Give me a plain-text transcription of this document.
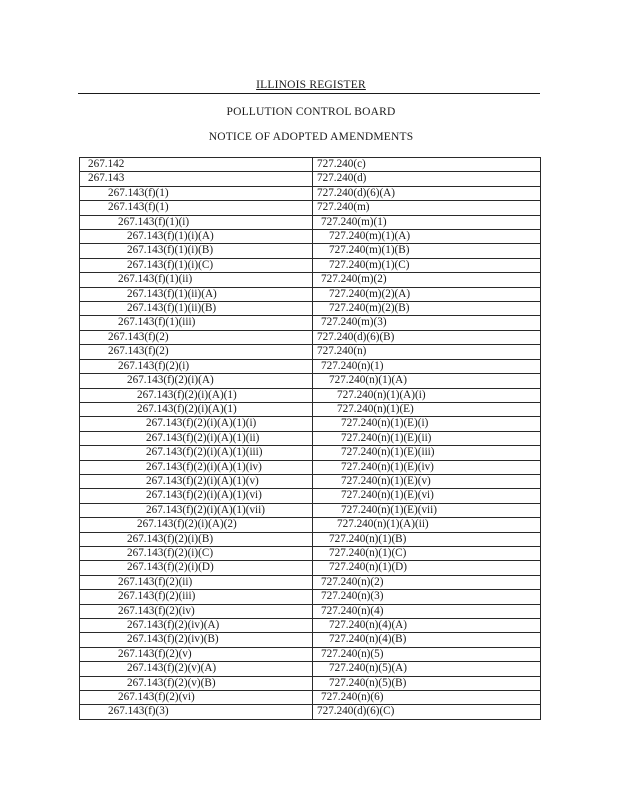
ILLINOIS REGISTER
POLLUTION CONTROL BOARD
NOTICE OF ADOPTED AMENDMENTS
267.142	727.240(c)
267.143	727.240(d)
267.143(f)(1)	727.240(d)(6)(A)
267.143(f)(1)	727.240(m)
267.143(f)(1)(i)	727.240(m)(1)
267.143(f)(1)(i)(A)	727.240(m)(1)(A)
267.143(f)(1)(i)(B)	727.240(m)(1)(B)
267.143(f)(1)(i)(C)	727.240(m)(1)(C)
267.143(f)(1)(ii)	727.240(m)(2)
267.143(f)(1)(ii)(A)	727.240(m)(2)(A)
267.143(f)(1)(ii)(B)	727.240(m)(2)(B)
267.143(f)(1)(iii)	727.240(m)(3)
267.143(f)(2)	727.240(d)(6)(B)
267.143(f)(2)	727.240(n)
267.143(f)(2)(i)	727.240(n)(1)
267.143(f)(2)(i)(A)	727.240(n)(1)(A)
267.143(f)(2)(i)(A)(1)	727.240(n)(1)(A)(i)
267.143(f)(2)(i)(A)(1)	727.240(n)(1)(E)
267.143(f)(2)(i)(A)(1)(i)	727.240(n)(1)(E)(i)
267.143(f)(2)(i)(A)(1)(ii)	727.240(n)(1)(E)(ii)
267.143(f)(2)(i)(A)(1)(iii)	727.240(n)(1)(E)(iii)
267.143(f)(2)(i)(A)(1)(iv)	727.240(n)(1)(E)(iv)
267.143(f)(2)(i)(A)(1)(v)	727.240(n)(1)(E)(v)
267.143(f)(2)(i)(A)(1)(vi)	727.240(n)(1)(E)(vi)
267.143(f)(2)(i)(A)(1)(vii)	727.240(n)(1)(E)(vii)
267.143(f)(2)(i)(A)(2)	727.240(n)(1)(A)(ii)
267.143(f)(2)(i)(B)	727.240(n)(1)(B)
267.143(f)(2)(i)(C)	727.240(n)(1)(C)
267.143(f)(2)(i)(D)	727.240(n)(1)(D)
267.143(f)(2)(ii)	727.240(n)(2)
267.143(f)(2)(iii)	727.240(n)(3)
267.143(f)(2)(iv)	727.240(n)(4)
267.143(f)(2)(iv)(A)	727.240(n)(4)(A)
267.143(f)(2)(iv)(B)	727.240(n)(4)(B)
267.143(f)(2)(v)	727.240(n)(5)
267.143(f)(2)(v)(A)	727.240(n)(5)(A)
267.143(f)(2)(v)(B)	727.240(n)(5)(B)
267.143(f)(2)(vi)	727.240(n)(6)
267.143(f)(3)	727.240(d)(6)(C)
